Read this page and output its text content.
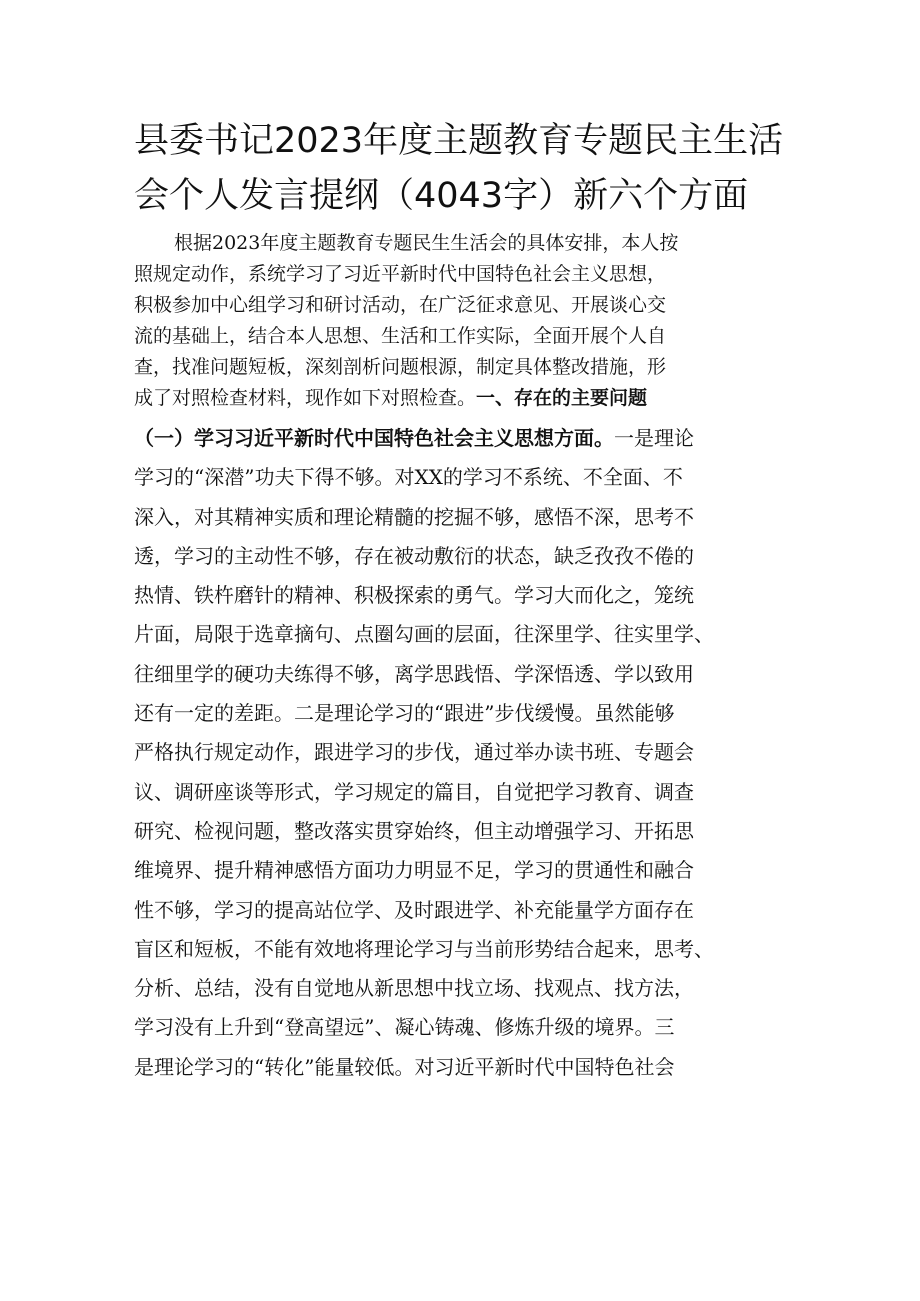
县委书记2023年度主题教育专题民主生活
会个人发言提纲（4043字）新六个方面
根据2023年度主题教育专题民生生活会的具体安排，本人按
照规定动作，系统学习了习近平新时代中国特色社会主义思想，
积极参加中心组学习和研讨活动，在广泛征求意见、开展谈心交
流的基础上，结合本人思想、生活和工作实际，全面开展个人自
查，找准问题短板，深刻剖析问题根源，制定具体整改措施，形
成了对照检查材料，现作如下对照检查。一、存在的主要问题
（一）学习习近平新时代中国特色社会主义思想方面。一是理论
学习的“深潜”功夫下得不够。对XX的学习不系统、不全面、不
深入，对其精神实质和理论精髓的挖掘不够，感悟不深，思考不
透，学习的主动性不够，存在被动敷衍的状态，缺乏孜孜不倦的
热情、铁杵磨针的精神、积极探索的勇气。学习大而化之，笼统
片面，局限于选章摘句、点圈勾画的层面，往深里学、往实里学、
往细里学的硬功夫练得不够，离学思践悟、学深悟透、学以致用
还有一定的差距。二是理论学习的“跟进”步伐缓慢。虽然能够
严格执行规定动作，跟进学习的步伐，通过举办读书班、专题会
议、调研座谈等形式，学习规定的篇目，自觉把学习教育、调查
研究、检视问题，整改落实贯穿始终，但主动增强学习、开拓思
维境界、提升精神感悟方面功力明显不足，学习的贯通性和融合
性不够，学习的提高站位学、及时跟进学、补充能量学方面存在
盲区和短板，不能有效地将理论学习与当前形势结合起来，思考、
分析、总结，没有自觉地从新思想中找立场、找观点、找方法，
学习没有上升到“登高望远”、凝心铸魂、修炼升级的境界。三
是理论学习的“转化”能量较低。对习近平新时代中国特色社会
